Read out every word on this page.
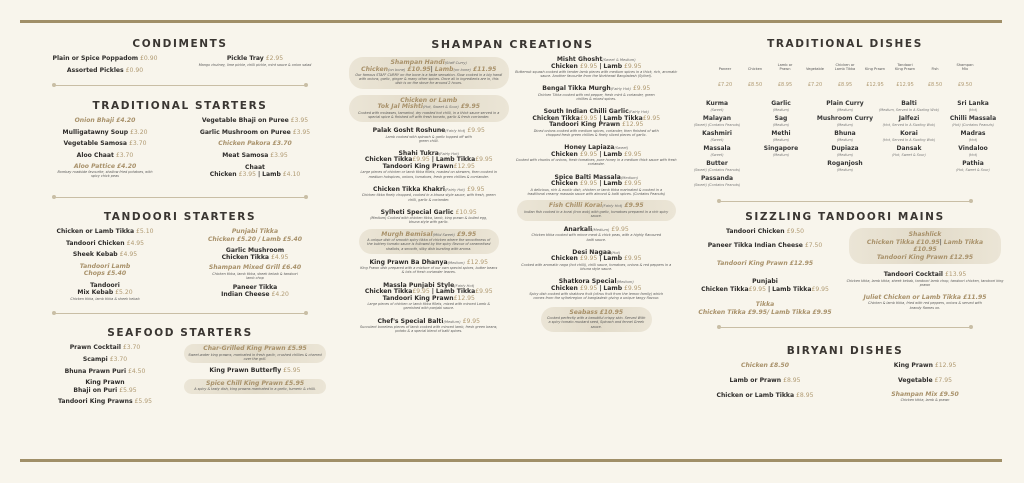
CONDIMENTS
Plain or Spice Poppadom £0.90
Assorted Pickles £0.90
Pickle Tray £2.95
Mango chutney, lime pickle, chilli pickle, mint sauce & onion salad
TRADITIONAL STARTERS
Onion Bhaji £4.20
Mulligatawny Soup £3.20
Vegetable Samosa £3.70
Aloo Chaat £3.70
Aloo Pattice £4.20
Bombay roadside favourite, shallow fried potatoes, with spicy chick peas
Vegetable Bhaji on Puree £3.95
Garlic Mushroom on Puree £3.95
Chicken Pakora £3.70
Meat Samosa £3.95
Chaat
Chicken £3.95 | Lamb £4.10
TANDOORI STARTERS
Chicken or Lamb Tikka £5.10
Tandoori Chicken £4.95
Sheek Kebab £4.95
Tandoori Lamb
Chops £5.40
Tandoori
Mix Kebab £5.20
Chicken tikka, lamb tikka & sheek kebab
Punjabi Tikka
Chicken £5.20 / Lamb £5.40
Garlic Mushroom
Chicken Tikka £4.95
Shampan Mixed Grill £6.40
Chicken tikka, lamb tikka, sheek kebab & tandoori lamb chop
Paneer Tikka
Indian Cheese £4.20
SEAFOOD STARTERS
Prawn Cocktail £3.70
Scampi £3.70
Bhuna Prawn Puri £4.50
King Prawn
Bhaji on Puri £5.95
Tandoori King Prawns £5.95
Char-Grilled King Prawn £5.95
Sweet-water king prawns, marinated in fresh garlic, crushed chillies & charred over the grill.
King Prawn Butterfly £5.95
Spice Chill King Prawn £5.95
A spicy & tasty dish, king prawns marinated in a garlic, tumeric & chilli.
SHAMPAN CREATIONS
Shampan Handi(Staff Curry)
Chicken(on bone) £10.95| Lamb(on bone) £11.95
Our famous STAFF CURRY on the bone is a taste sensation. Slow cooked in a big handi with onions, garlic, ginger & many other spices. Once all in ingredients are in, this dish is on the stove for around 2 hours.
Chicken or Lamb
Tok Jal Mishti(Hot, Sweet & Sour) £9.95
Cooked with molasses, tamarind, dry roasted hot chilli, in a thick sauce served in a special spice & finished off with fresh tomato, garlic & fresh corriander.
Palak Gosht Roshune(Fairly Hot) £9.95
Lamb cooked with spinach & garlic topped off with green chilli.
Shahi Tukra(Fairly Hot)
Chicken Tikka£9.95 | Lamb Tikka£9.95
Tandoori King Prawn£12.95
Large pieces of chicken or lamb tikka fillets, roasted on skewers, then cooked in medium hotspices, onions, tomatoes, fresh green chillies & corriander.
Chicken Tikka Khakri(Fairly Hot) £9.95
Chicken tikka finely chopped, cooked in a bhuna style sauce, with fresh, green chilli, garlic & coriander.
Sylheti Special Garlic £10.95
(Medium) Cooked with chicken tikka, lamb, king prawn & boiled egg, bhuna style with garlic.
Murgh Bemisal(Mild Sweet) £9.95
A unique dish of smooth spicy tikka of chicken where the smoothness of the buttery tomato sauce is followed by the spicy flavour of caramelised shallots, a smooth, silky dish bursting with aroma.
King Prawn Ba Dhanya(Medium) £12.95
King Prawn dish prepared with a mixture of our own special spices, butter beans & lots of fresh coriander leaves.
Massla Punjabi Style(Fairly Hot)
Chicken Tikka£9.95 | Lamb Tikka£9.95
Tandoori King Prawn£12.95
Large pieces of chicken or lamb tikka fillets, mixed with minced Lamb & garnished with panjabi sauce.
Chef's Special Balti(Medium) £9.95
Succulent boneless pieces of lamb cooked with minced lamb, fresh green beans, potato & a special blend of balti spices.
Misht Ghosht(Sweet & Medium)
Chicken £9.95 | Lamb £9.95
Butternut squash cooked with tender lamb pieces with medium spices in a thick, rich, aromatic sauce. Another favourite from the Northeast Bangladesh (Sylhet).
Bengal Tikka Murgh(Fairly Hot) £9.95
Chicken Tikka cooked with red pepper, fresh mint & coriander, green chillies & mixed spices.
South Indian Chilli Garlic(Fairly Hot)
Chicken Tikka£9.95 | Lamb Tikka£9.95
Tandoori King Prawn £12.95
Diced onions cooked with medium spices, coriander, then finished of with chopped fresh green chillies & finely sliced pieces of garlic.
Honey Lapiaza(Sweet)
Chicken £9.95 | Lamb £9.95
Cooked with chunks of onions, fresh tomatoes, pure honey in a medium thick sauce with fresh coriander.
Spice Balti Massala(Medium)
Chicken £9.95 | Lamb £9.95
A delicious, rich & exotic dish, chicken or lamb tikka marinated & cooked in a traditional creamy massala sauce with almond & balti spices. (Contains Peanuts)
Fish Chilli Korai(Fairly Hot) £9.95
Indian fish cooked in a korai (iron wok) with garlic, tomatoes prepared in a rich spicy sauce.
Anarkali(Medium) £9.95
Chicken tikka cooked with mince meat & chick peas, with a highly flavoured balti sauce.
Desi Nagaa(Hot)
Chicken £9.95 | Lamb £9.95
Cooked with aromatic naga (hot chilli), chilli sauce, tomatoes, onions & red peppers in a bhuna style sauce.
Shatkora Special(Medium)
Chicken £9.95 | Lamb £9.95
Spicy dish cooked with shatkora fruit (citrus fruit from the lemon family) which comes from the sylhetregion of bangladesh giving a unique tangy flavour.
Seabass £10.95
Cooked perfectly with a beautiful crispy skin. Served With a spicy tomato mustard seed, Spinach and fennel Greek sauce.
TRADITIONAL DISHES
Paneer
£7.20
Chicken
£8.50
Lamb or Prawn
£8.95
Vegetable
£7.20
Chicken or Lamb Tikka
£8.95
King Prawn
£12.95
Tandoori King Prawn
£12.95
Fish
£8.50
Shampan Mix
£9.50
Kurma
(Sweet)
Malayan
(Sweet) (Contains Peanuts)
Kashmiri
(Sweet)
Massala
(Sweet)
Butter
(Sweet) (Contains Peanuts)
Passanda
(Sweet) (Contains Peanuts)
Garlic
(Medium)
Sag
(Medium)
Methi
(Medium)
Singapore
(Medium)
Plain Curry
(Medium)
Mushroom Curry
(Medium)
Bhuna
(Medium)
Dupiaza
(Medium)
Roganjosh
(Medium)
Balti
(Medium, Served In A Sizzling Wok)
Jalfezi
(Hot, Served In A Sizzling Wok)
Korai
(Hot, Served In A Sizzling Wok)
Dansak
(Hot, Sweet & Sour)
Sri Lanka
(Hot)
Chilli Massala
(Hot) (Contains Peanuts)
Madras
(Hot)
Vindaloo
(Hot)
Pathia
(Hot, Sweet & Sour)
SIZZLING TANDOORI MAINS
Tandoori Chicken £9.50
Paneer Tikka Indian Cheese £7.50
Tandoori King Prawn £12.95
Punjabi
Chicken Tikka£9.95 | Lamb Tikka£9.95
Tikka
Chicken Tikka £9.95/ Lamb Tikka £9.95
Shashlick
Chicken Tikka £10.95| Lamb Tikka £10.95
Tandoori King Prawn £12.95
Tandoori Cocktail £13.95
Chicken tikka, lamb tikka, sheek kebab, tandoori lamb chop, tandoori chicken, tandoori king prawn
Juliet Chicken or Lamb Tikka £11.95
Chicken & lamb tikka, fried with red peppers, onions & served with brandy flames on.
BIRYANI DISHES
Chicken £8.50
Lamb or Prawn £8.95
Chicken or Lamb Tikka £8.95
King Prawn £12.95
Vegetable £7.95
Shampan Mix £9.50
Chicken tikka, lamb & prawn
